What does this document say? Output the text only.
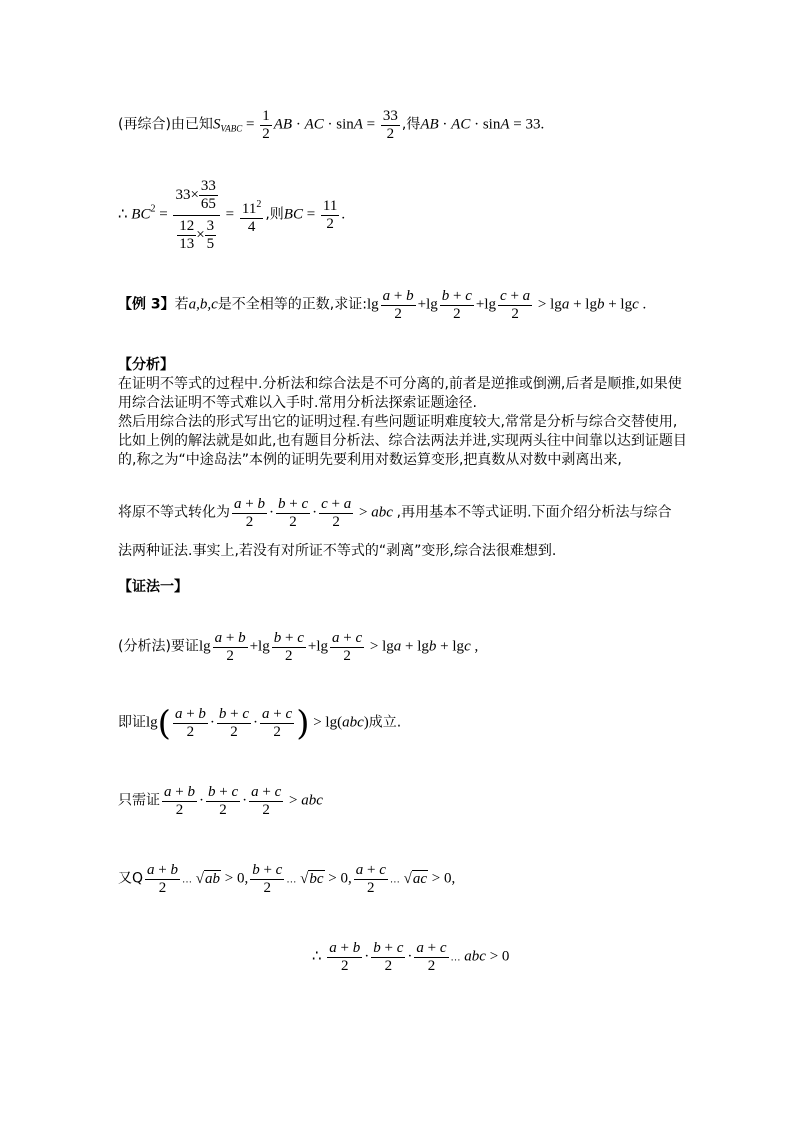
(再综合)由已知$S_{VABC} = \frac{1}{2}$ AB · AC · $\sin A = \frac{33}{2}$ ,得AB · AC · sinA = 33.
∴ $BC^2 = \frac{33\times \frac{33}{65}}{\frac{12}{13} \times \frac{3}{5}} = \frac{11^2}{4}$ ,则BC = $\frac{11}{2}$ .
【例 3】若a,b,c是不全相等的正数,求证:lg $\frac{a + b}{2} +\lg \frac{b + c}{2} +\lg \frac{c + a}{2} > \lg a + \lg b + \lg c$ .

【分析】

在证明不等式的过程中.分析法和综合法是不可分离的,前者是逆推或倒溯,后者是顺推,如果使用综合法证明不等式难以入手时.常用分析法探索证题途径.

然后用综合法的形式写出它的证明过程.有些问题证明难度较大,常常是分析与综合交替使用,比如上例的解法就是如此,也有题目分析法、综合法两法并进,实现两头往中间靠以达到证题目的,称之为“中途岛法”本例的证明先要利用对数运算变形,把真数从对数中剥离出来,

将原不等式转化为 $\frac{a + b}{2} \cdot \frac{b + c}{2} \cdot \frac{c + a}{2}$ > abc ,再用基本不等式证明.下面介绍分析法与综合
法两种证法.事实上,若没有对所证不等式的“剥离”变形,综合法很难想到.
【证法一】
(分析法)要证$\lg \frac{a + b}{2} +\lg \frac{b + c}{2} +\lg \frac{a + c}{2} > \lg a + \lg b + \lg c$ ,
即证$\lg( \frac{a + b}{2} \cdot \frac{b + c}{2} \cdot \frac{a + c}{2}$ ) > lg(abc)成立.
只需证 $\frac{a + b}{2} \cdot \frac{b + c}{2} \cdot \frac{a + c}{2}$ > abc
又Q $\frac{a + b}{2}$ … √ab > 0, $\frac{b + c}{2}$ … √bc > 0, $\frac{a + c}{2}$ … √ac > 0,
∴ $\frac{a + b}{2} \cdot \frac{b + c}{2} \cdot \frac{a + c}{2}$ … abc > 0
